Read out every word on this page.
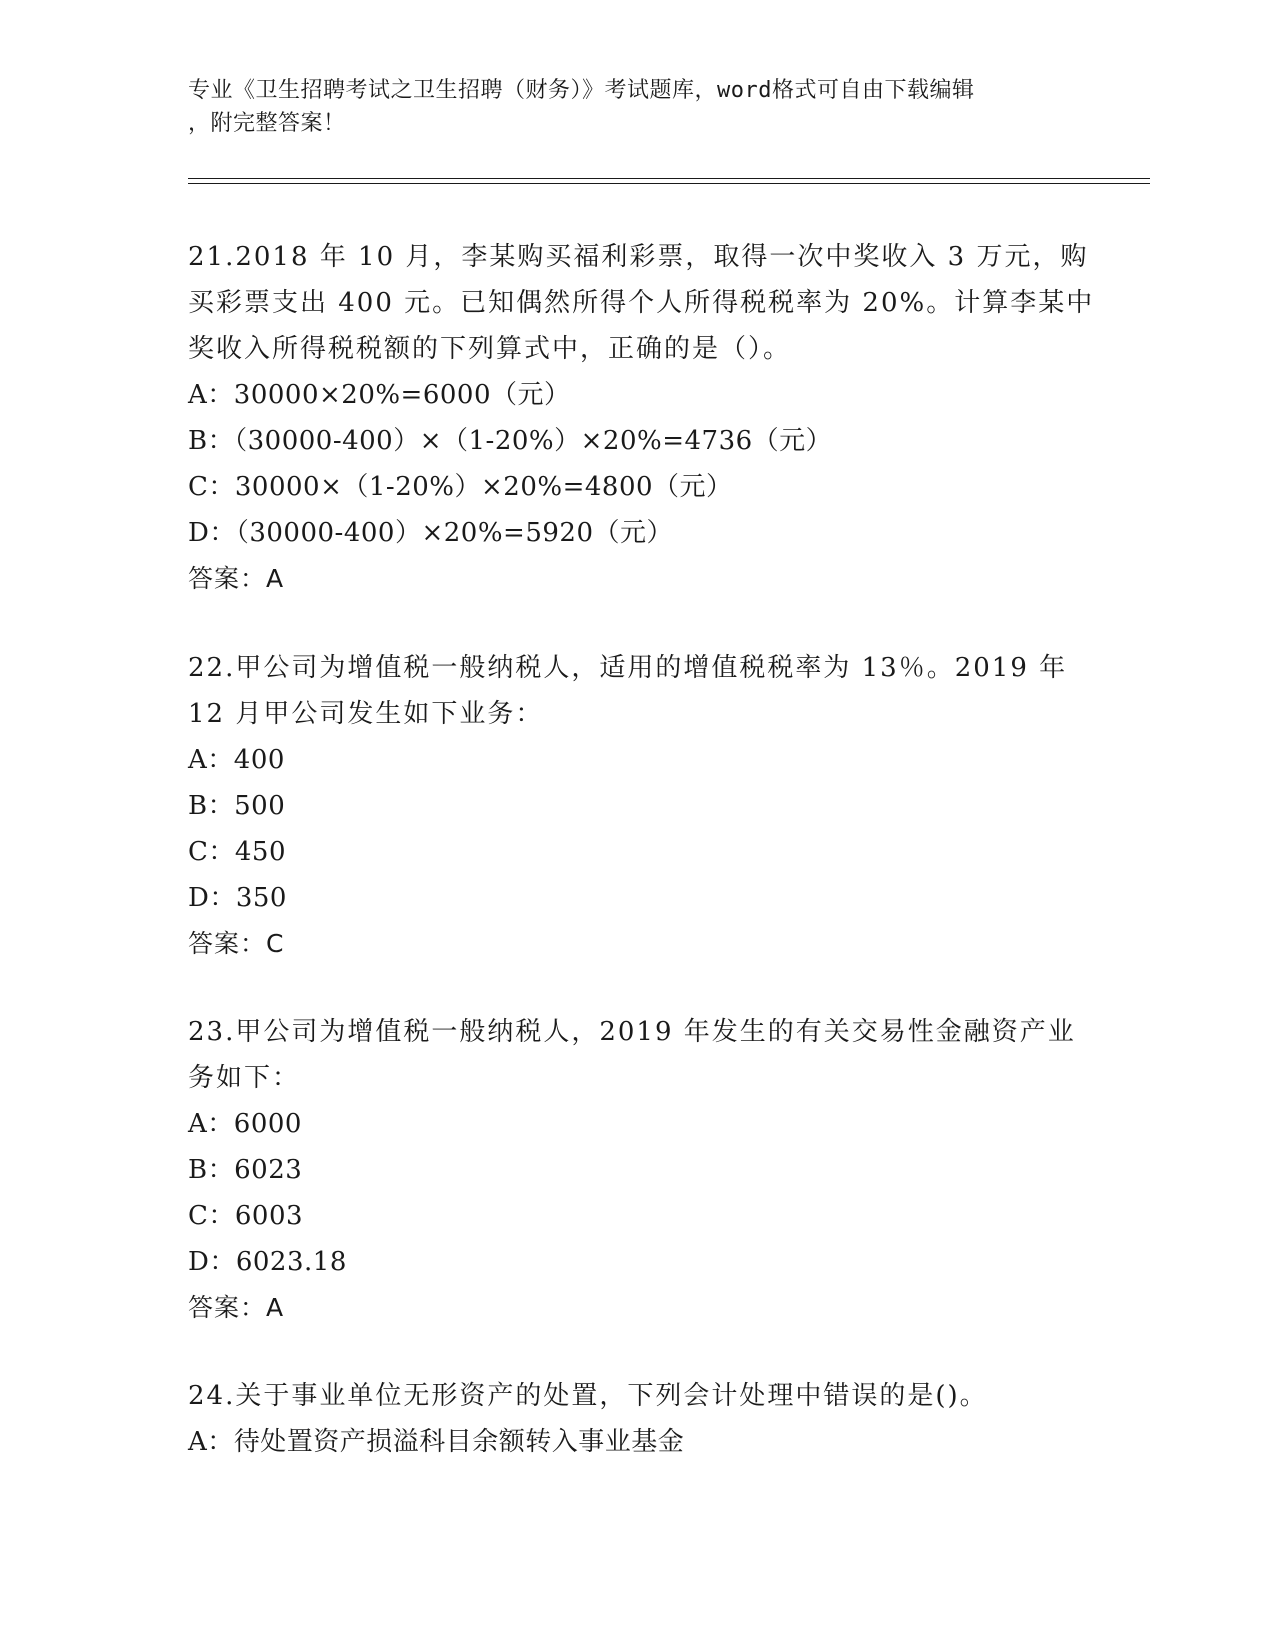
专业《卫生招聘考试之卫生招聘（财务）》考试题库，word格式可自由下载编辑
，附完整答案！
21.2018 年 10 月，李某购买福利彩票，取得一次中奖收入 3 万元，购
买彩票支出 400 元。已知偶然所得个人所得税税率为 20%。计算李某中
奖收入所得税税额的下列算式中，正确的是（）。
A：30000×20%=6000（元）
B：（30000-400）×（1-20%）×20%=4736（元）
C：30000×（1-20%）×20%=4800（元）
D：（30000-400）×20%=5920（元）
答案：A
22.甲公司为增值税一般纳税人，适用的增值税税率为 13％。2019 年
12 月甲公司发生如下业务：
A：400
B：500
C：450
D：350
答案：C
23.甲公司为增值税一般纳税人，2019 年发生的有关交易性金融资产业
务如下：
A：6000
B：6023
C：6003
D：6023.18
答案：A
24.关于事业单位无形资产的处置，下列会计处理中错误的是()。
A：待处置资产损溢科目余额转入事业基金
